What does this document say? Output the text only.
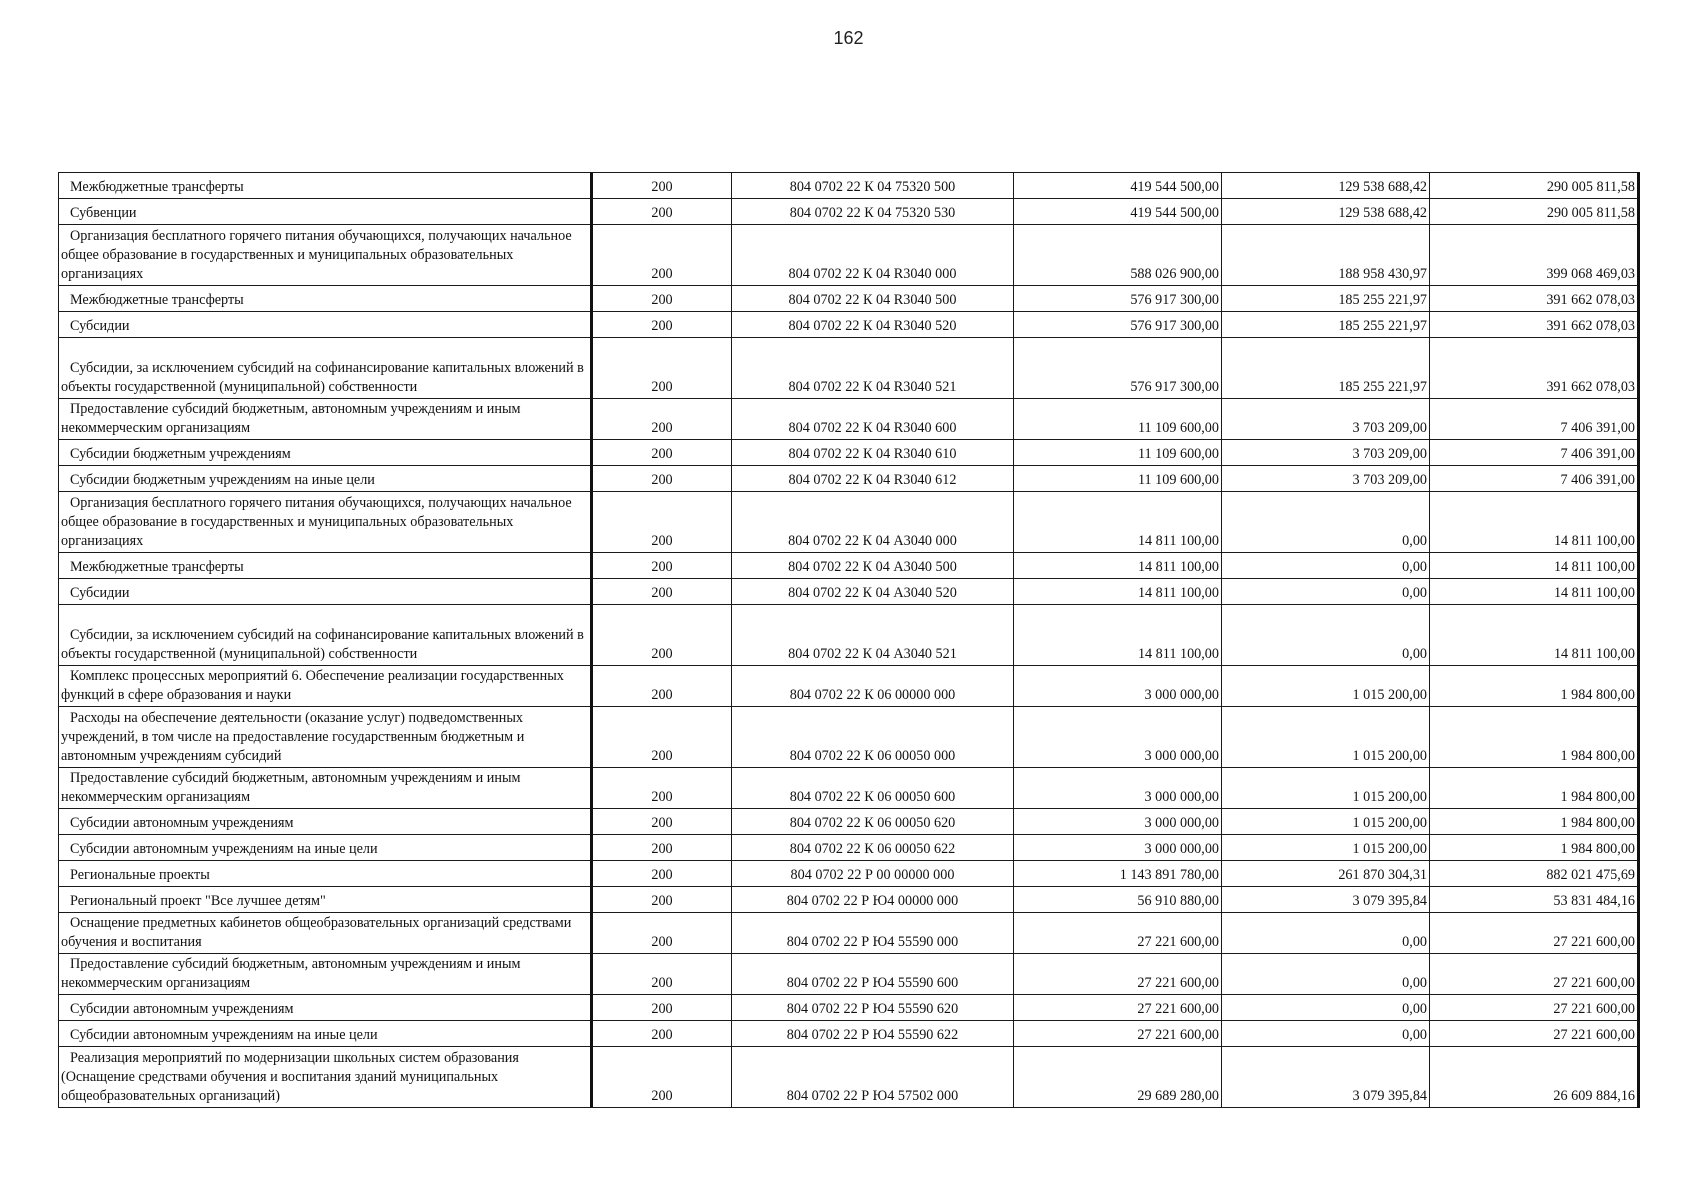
162
Межбюджетные трансферты	200	804 0702 22 К 04 75320 500	419 544 500,00	129 538 688,42	290 005 811,58
Субвенции	200	804 0702 22 К 04 75320 530	419 544 500,00	129 538 688,42	290 005 811,58
Организация бесплатного горячего питания обучающихся, получающих начальное общее образование в государственных и муниципальных образовательных организациях	200	804 0702 22 К 04 R3040 000	588 026 900,00	188 958 430,97	399 068 469,03
Межбюджетные трансферты	200	804 0702 22 К 04 R3040 500	576 917 300,00	185 255 221,97	391 662 078,03
Субсидии	200	804 0702 22 К 04 R3040 520	576 917 300,00	185 255 221,97	391 662 078,03
Субсидии, за исключением субсидий на софинансирование капитальных вложений в объекты государственной (муниципальной) собственности	200	804 0702 22 К 04 R3040 521	576 917 300,00	185 255 221,97	391 662 078,03
Предоставление субсидий бюджетным, автономным учреждениям и иным некоммерческим организациям	200	804 0702 22 К 04 R3040 600	11 109 600,00	3 703 209,00	7 406 391,00
Субсидии бюджетным учреждениям	200	804 0702 22 К 04 R3040 610	11 109 600,00	3 703 209,00	7 406 391,00
Субсидии бюджетным учреждениям на иные цели	200	804 0702 22 К 04 R3040 612	11 109 600,00	3 703 209,00	7 406 391,00
Организация бесплатного горячего питания обучающихся, получающих начальное общее образование в государственных и муниципальных образовательных организациях	200	804 0702 22 К 04 А3040 000	14 811 100,00	0,00	14 811 100,00
Межбюджетные трансферты	200	804 0702 22 К 04 А3040 500	14 811 100,00	0,00	14 811 100,00
Субсидии	200	804 0702 22 К 04 А3040 520	14 811 100,00	0,00	14 811 100,00
Субсидии, за исключением субсидий на софинансирование капитальных вложений в объекты государственной (муниципальной) собственности	200	804 0702 22 К 04 А3040 521	14 811 100,00	0,00	14 811 100,00
Комплекс процессных мероприятий 6. Обеспечение реализации государственных функций в сфере образования и науки	200	804 0702 22 К 06 00000 000	3 000 000,00	1 015 200,00	1 984 800,00
Расходы на обеспечение деятельности (оказание услуг) подведомственных учреждений, в том числе на предоставление государственным бюджетным и автономным учреждениям субсидий	200	804 0702 22 К 06 00050 000	3 000 000,00	1 015 200,00	1 984 800,00
Предоставление субсидий бюджетным, автономным учреждениям и иным некоммерческим организациям	200	804 0702 22 К 06 00050 600	3 000 000,00	1 015 200,00	1 984 800,00
Субсидии автономным учреждениям	200	804 0702 22 К 06 00050 620	3 000 000,00	1 015 200,00	1 984 800,00
Субсидии автономным учреждениям на иные цели	200	804 0702 22 К 06 00050 622	3 000 000,00	1 015 200,00	1 984 800,00
Региональные проекты	200	804 0702 22 Р 00 00000 000	1 143 891 780,00	261 870 304,31	882 021 475,69
Региональный проект "Все лучшее детям"	200	804 0702 22 Р Ю4 00000 000	56 910 880,00	3 079 395,84	53 831 484,16
Оснащение предметных кабинетов общеобразовательных организаций средствами обучения и воспитания	200	804 0702 22 Р Ю4 55590 000	27 221 600,00	0,00	27 221 600,00
Предоставление субсидий бюджетным, автономным учреждениям и иным некоммерческим организациям	200	804 0702 22 Р Ю4 55590 600	27 221 600,00	0,00	27 221 600,00
Субсидии автономным учреждениям	200	804 0702 22 Р Ю4 55590 620	27 221 600,00	0,00	27 221 600,00
Субсидии автономным учреждениям на иные цели	200	804 0702 22 Р Ю4 55590 622	27 221 600,00	0,00	27 221 600,00
Реализация мероприятий по модернизации школьных систем образования (Оснащение средствами обучения и воспитания зданий муниципальных общеобразовательных организаций)	200	804 0702 22 Р Ю4 57502 000	29 689 280,00	3 079 395,84	26 609 884,16
